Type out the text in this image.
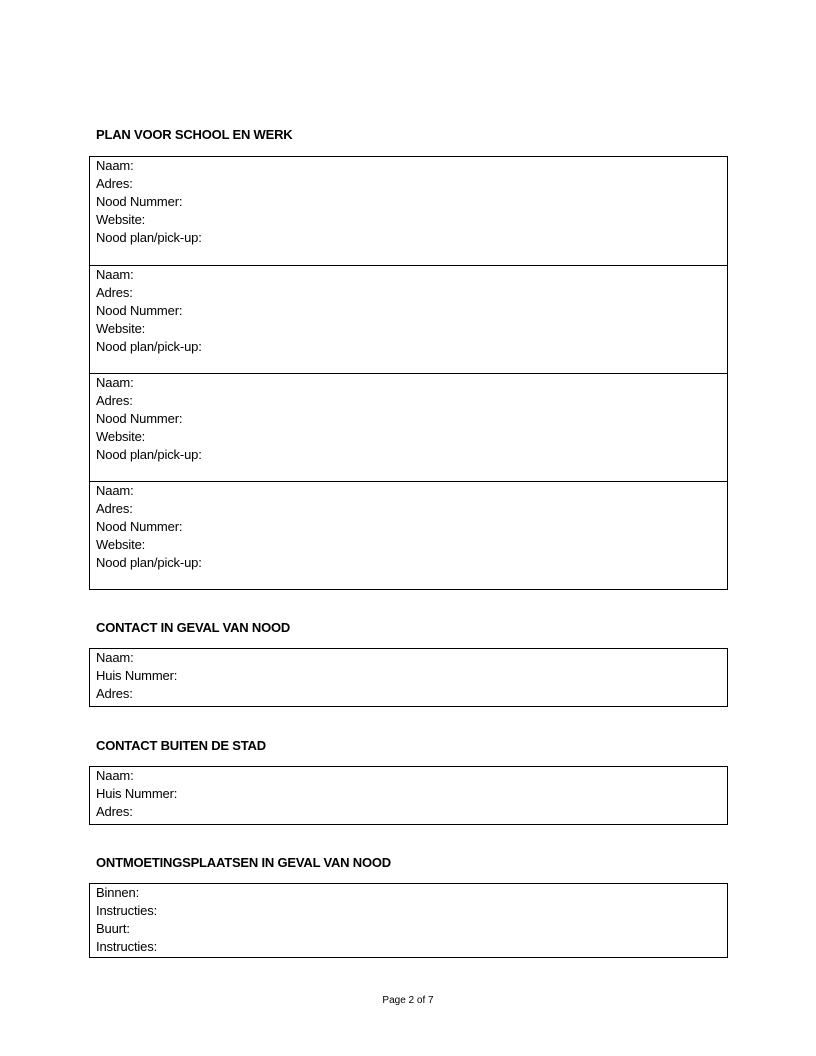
PLAN VOOR SCHOOL EN WERK
Naam:
Adres:
Nood Nummer:
Website:
Nood plan/pick-up:
Naam:
Adres:
Nood Nummer:
Website:
Nood plan/pick-up:
Naam:
Adres:
Nood Nummer:
Website:
Nood plan/pick-up:
Naam:
Adres:
Nood Nummer:
Website:
Nood plan/pick-up:
CONTACT IN GEVAL VAN NOOD
Naam:
Huis Nummer:
Adres:
CONTACT BUITEN DE STAD
Naam:
Huis Nummer:
Adres:
ONTMOETINGSPLAATSEN IN GEVAL VAN NOOD
Binnen:
Instructies:
Buurt:
Instructies:
Page 2 of 7
